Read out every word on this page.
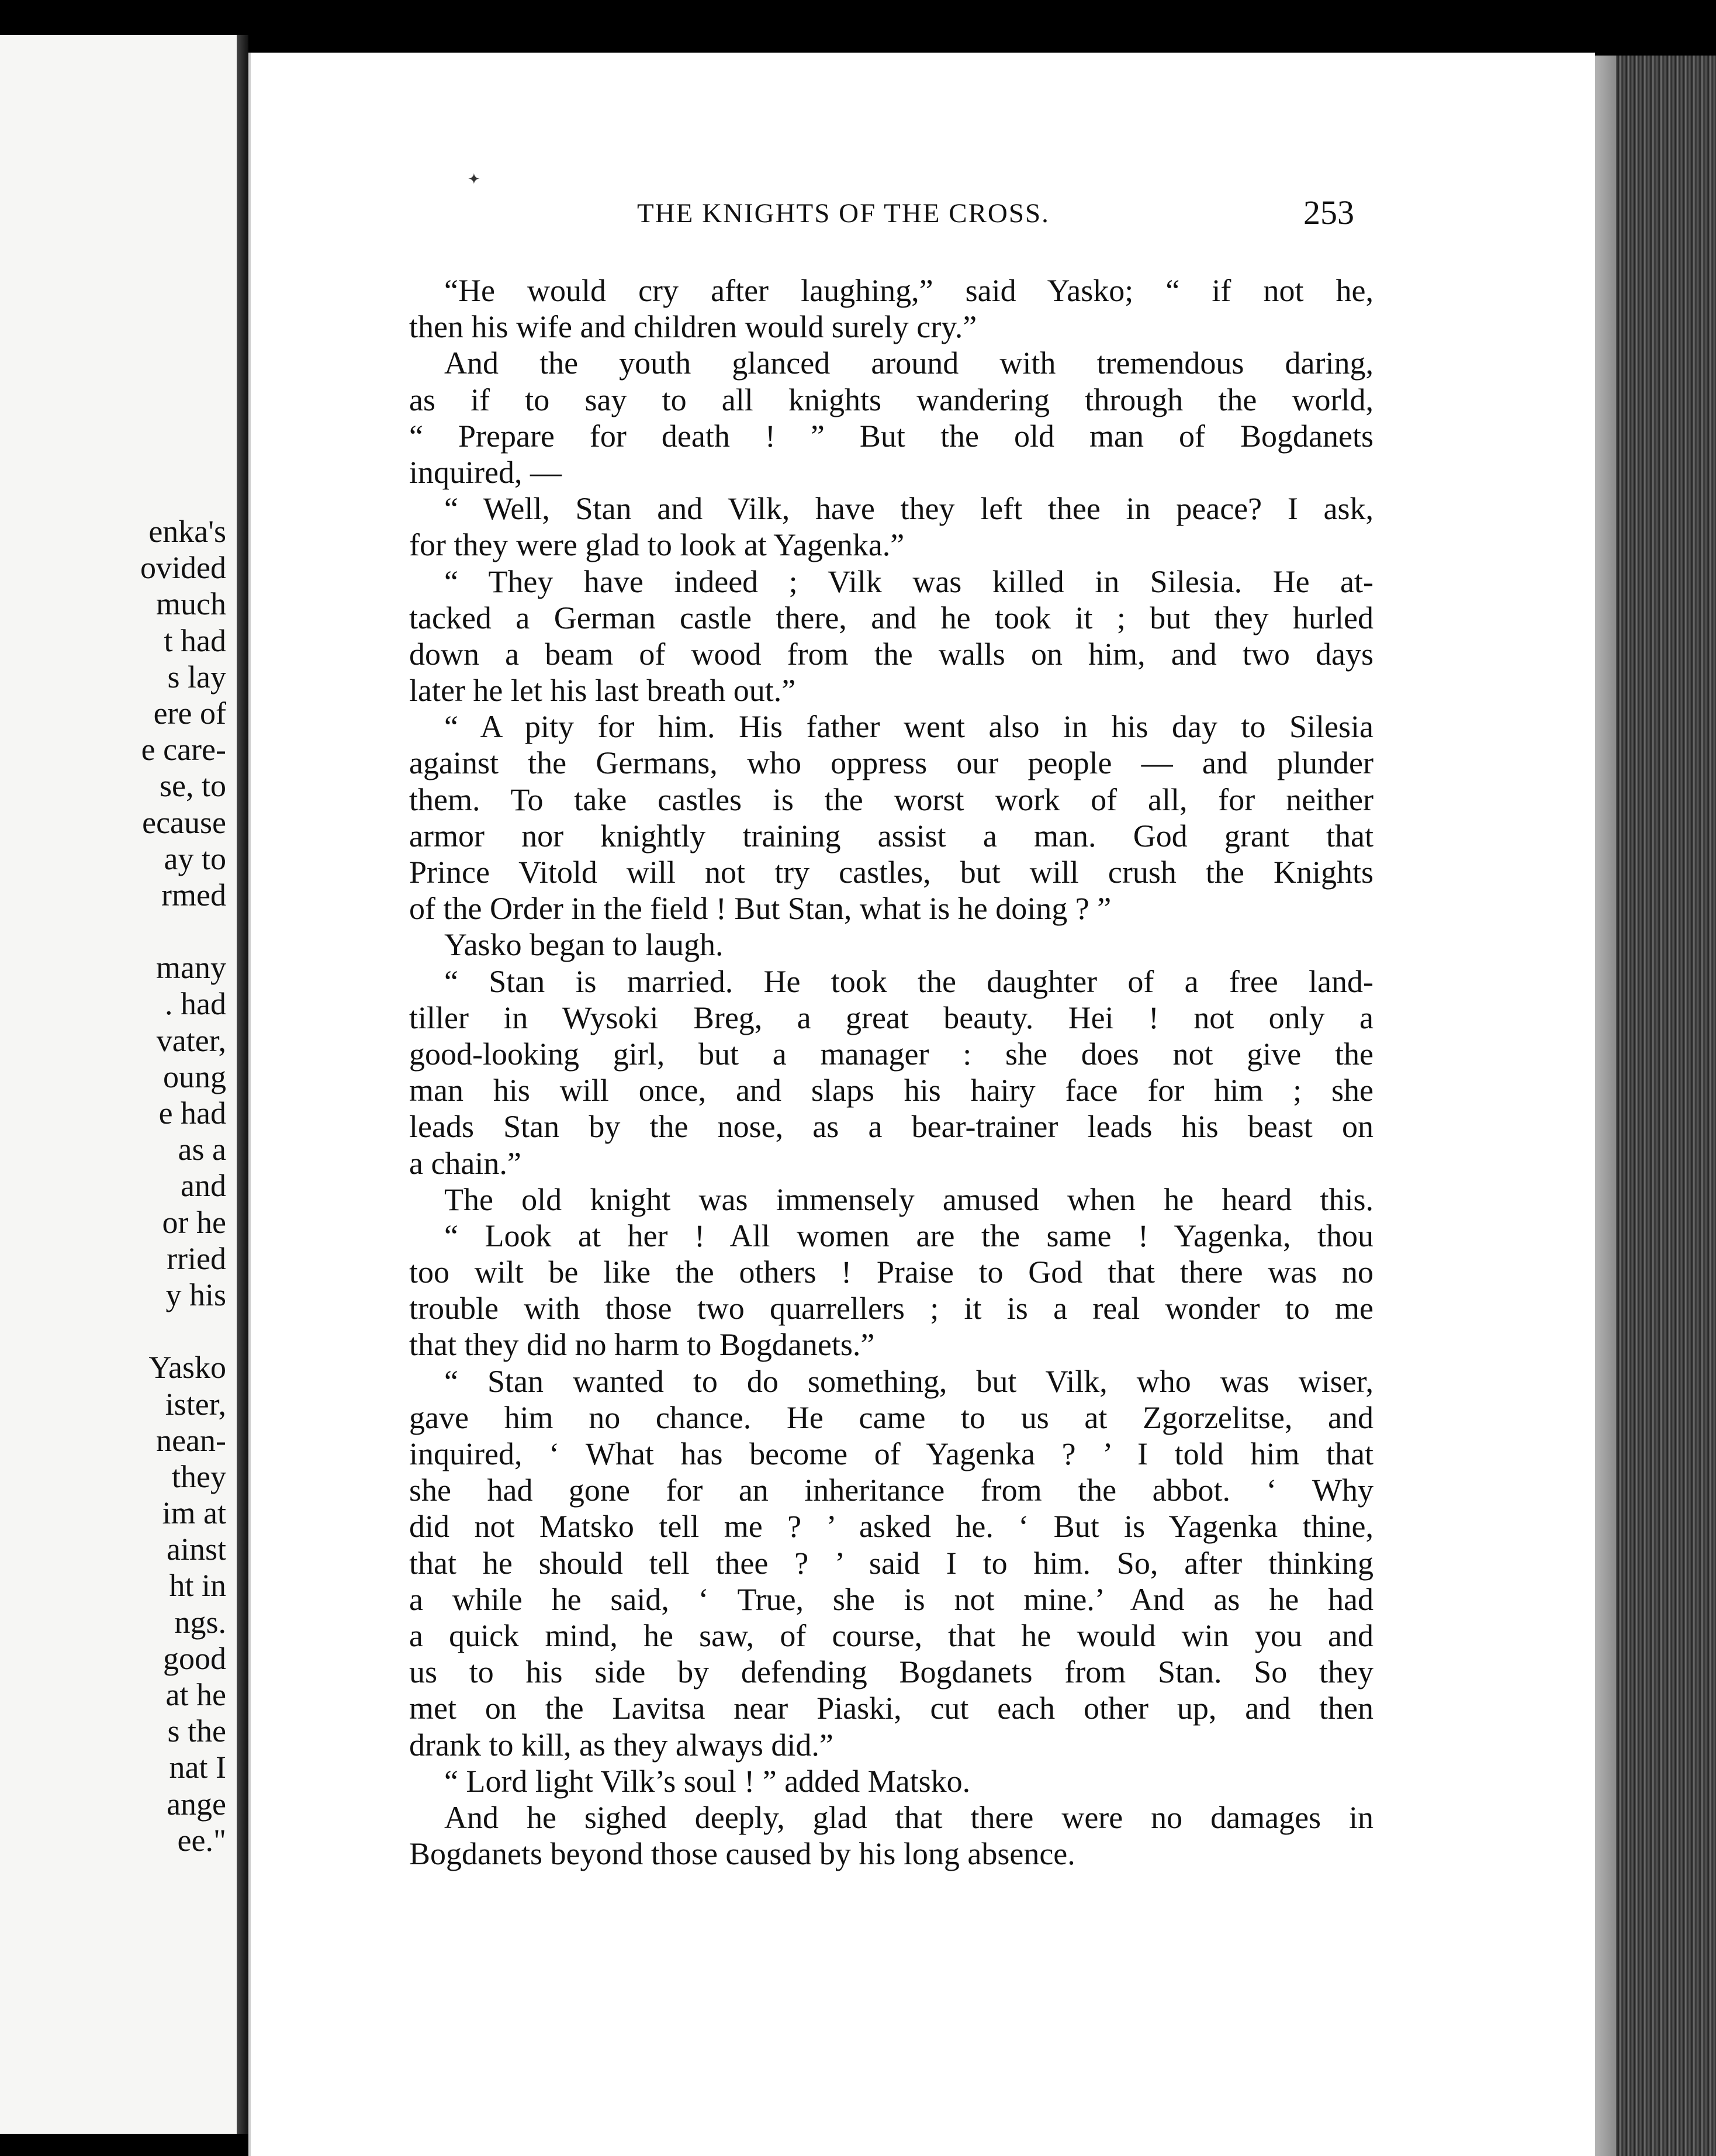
enka's
ovided
much
t had
s lay
ere of
e care-
se, to
ecause
ay to
rmed
many
. had
vater,
oung
e had
as a
and
or he
rried
y his
Yasko
ister,
nean-
they
im at
ainst
ht in
ngs.
good
at he
s the
nat I
ange
ee."
✦
THE KNIGHTS OF THE CROSS.	253
“He would cry after laughing,” said Yasko; “ if not he,
then his wife and children would surely cry.”
And the youth glanced around with tremendous daring,
as if to say to all knights wandering through the world,
“ Prepare for death ! ” But the old man of Bogdanets
inquired, —
“ Well, Stan and Vilk, have they left thee in peace? I ask,
for they were glad to look at Yagenka.”
“ They have indeed ; Vilk was killed in Silesia. He at-
tacked a German castle there, and he took it ; but they hurled
down a beam of wood from the walls on him, and two days
later he let his last breath out.”
“ A pity for him. His father went also in his day to Silesia
against the Germans, who oppress our people — and plunder
them. To take castles is the worst work of all, for neither
armor nor knightly training assist a man. God grant that
Prince Vitold will not try castles, but will crush the Knights
of the Order in the field ! But Stan, what is he doing ? ”
Yasko began to laugh.
“ Stan is married. He took the daughter of a free land-
tiller in Wysoki Breg, a great beauty. Hei ! not only a
good-looking girl, but a manager : she does not give the
man his will once, and slaps his hairy face for him ; she
leads Stan by the nose, as a bear-trainer leads his beast on
a chain.”
The old knight was immensely amused when he heard this.
“ Look at her ! All women are the same ! Yagenka, thou
too wilt be like the others ! Praise to God that there was no
trouble with those two quarrellers ; it is a real wonder to me
that they did no harm to Bogdanets.”
“ Stan wanted to do something, but Vilk, who was wiser,
gave him no chance. He came to us at Zgorzelitse, and
inquired, ‘ What has become of Yagenka ? ’ I told him that
she had gone for an inheritance from the abbot. ‘ Why
did not Matsko tell me ? ’ asked he. ‘ But is Yagenka thine,
that he should tell thee ? ’ said I to him. So, after thinking
a while he said, ‘ True, she is not mine.’ And as he had
a quick mind, he saw, of course, that he would win you and
us to his side by defending Bogdanets from Stan. So they
met on the Lavitsa near Piaski, cut each other up, and then
drank to kill, as they always did.”
“ Lord light Vilk’s soul ! ” added Matsko.
And he sighed deeply, glad that there were no damages in
Bogdanets beyond those caused by his long absence.
